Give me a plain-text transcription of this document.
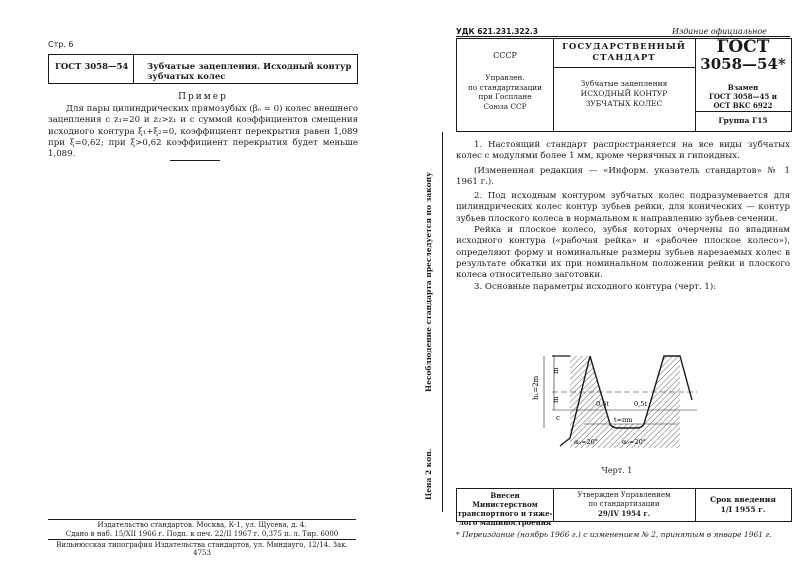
Стр. 6
ГОСТ 3058—54 Зубчатые зацепления. Исходный контур зубчатых колес
Пример

Для пары цилиндрических прямозубых (βₒ = 0) колес внешнего зацепления с z₁=20 и z₂>z₁ и с суммой коэффициентов смещения исходного контура ξ₁+ξ₂=0, коэффициент перекрытия равен 1,089 при ξ=0,62; при ξ>0,62 коэффициент перекрытия будет меньше 1,089.

Издательство стандартов. Москва, К-1, ул. Щусева, д. 4.
Сдано в наб. 15/XII 1966 г. Подп. к печ. 22/II 1967 г. 0,375 п. л. Тир. 6000
Вильнюсская типография Издательства стандартов, ул. Миндауго, 12/14. Зак. 4753
УДК 621.231.322.3	Издание официальное
СССР
Управлен.
по стандартизации
при Госплане
Союза ССР
ГОСУДАРСТВЕННЫЙ
СТАНДАРТ
Зубчатые зацепления
ИСХОДНЫЙ КОНТУР
ЗУБЧАТЫХ КОЛЕС
ГОСТ
3058—54*
Взамен
ГОСТ 3058—45 и
ОСТ ВКС 6922
Группа Г15
Несоблюдение стандарта преследуется по закону
Цена 2 коп.

1. Настоящий стандарт распространяется на все виды зубчатых колес с модулями более 1 мм, кроме червячных и гипоидных.

(Измененная редакция — «Информ. указатель стандартов» № 1 1961 г.).

2. Под исходным контуром зубчатых колес подразумевается для цилиндрических колес контур зубьев рейки, для конических — контур зубьев плоского колеса в нормальном к направлению зубьев сечении.

Рейка и плоское колесо, зубья которых очерчены по впадинам исходного контура («рабочая рейка» и «рабочее плоское колесо»), определяют форму и номинальные размеры зубьев нарезаемых колес в результате обкатки их при номинальном положении рейки и плоского колеса относительно заготовки.

3. Основные параметры исходного контура (черт. 1):

h₁=2m
m
m
c	t=πm
0,5t	0,5t
α₀=20°	α₀=20°
Черт. 1
Внесен Министерством
транспортного и тяже-
лого машиностроения
Утвержден Управлением
по стандартизации
29/IV 1954 г.
Срок введения
1/I 1955 г.
* Переиздание (ноябрь 1966 г.) с изменением № 2, принятым в январе 1961 г.
